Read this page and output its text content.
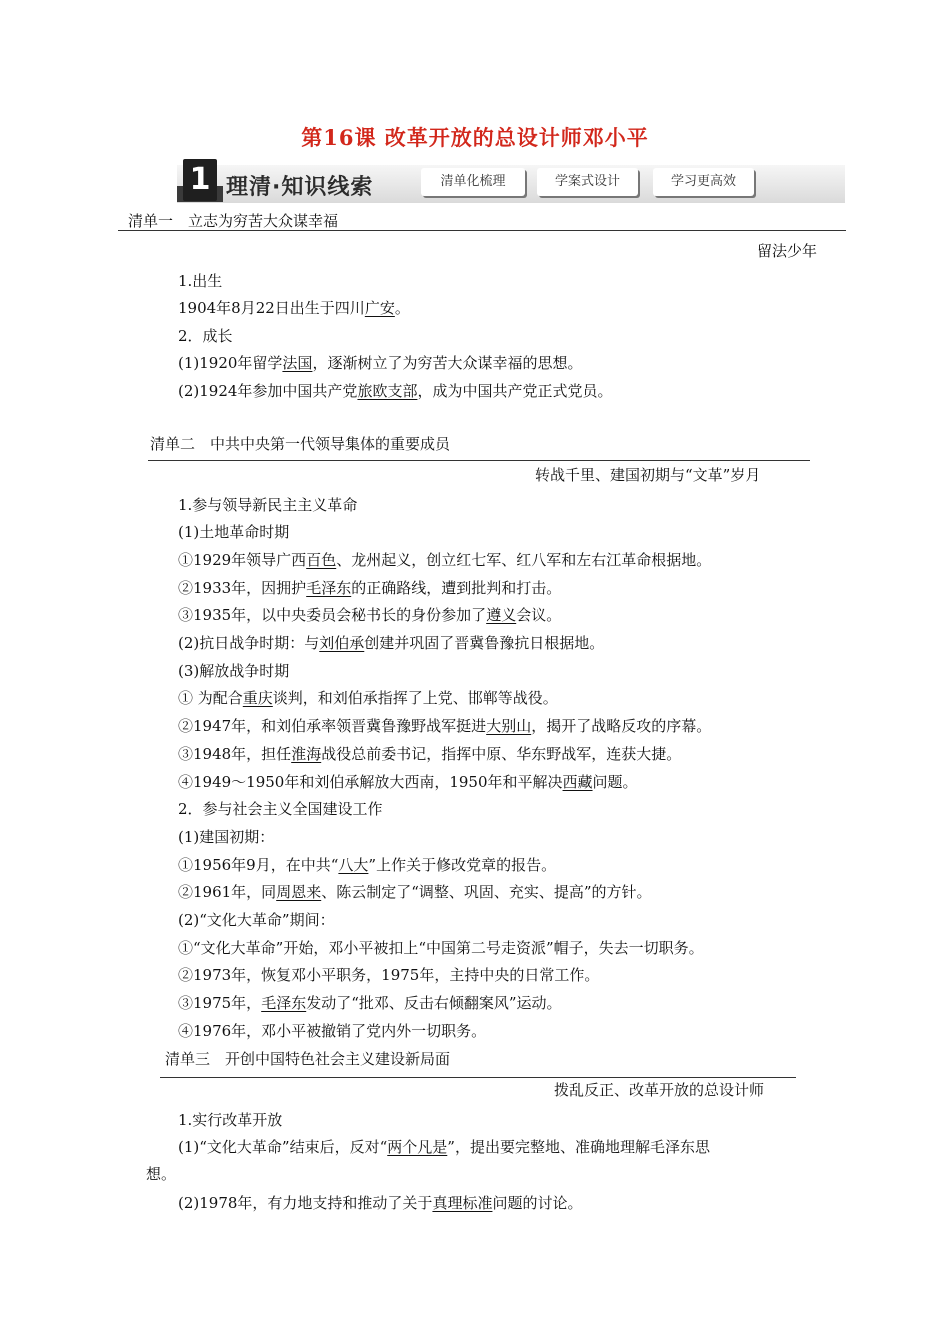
第16课 改革开放的总设计师邓小平
1 理清·知识线索	清单化梳理	学案式设计	学习更高效
清单一　立志为穷苦大众谋幸福
留法少年
1.出生
1904年8月22日出生于四川广安。
2．成长
(1)1920年留学法国，逐渐树立了为穷苦大众谋幸福的思想。
(2)1924年参加中国共产党旅欧支部，成为中国共产党正式党员。
清单二　中共中央第一代领导集体的重要成员
转战千里、建国初期与“文革”岁月
1.参与领导新民主主义革命
(1)土地革命时期
①1929年领导广西百色、龙州起义，创立红七军、红八军和左右江革命根据地。
②1933年，因拥护毛泽东的正确路线，遭到批判和打击。
③1935年，以中央委员会秘书长的身份参加了遵义会议。
(2)抗日战争时期：与刘伯承创建并巩固了晋冀鲁豫抗日根据地。
(3)解放战争时期
① 为配合重庆谈判，和刘伯承指挥了上党、邯郸等战役。
②1947年，和刘伯承率领晋冀鲁豫野战军挺进大别山，揭开了战略反攻的序幕。
③1948年，担任淮海战役总前委书记，指挥中原、华东野战军，连获大捷。
④1949～1950年和刘伯承解放大西南，1950年和平解决西藏问题。
2．参与社会主义全国建设工作
(1)建国初期：
①1956年9月，在中共“八大”上作关于修改党章的报告。
②1961年，同周恩来、陈云制定了“调整、巩固、充实、提高”的方针。
(2)“文化大革命”期间：
①“文化大革命”开始，邓小平被扣上“中国第二号走资派”帽子，失去一切职务。
②1973年，恢复邓小平职务，1975年，主持中央的日常工作。
③1975年，毛泽东发动了“批邓、反击右倾翻案风”运动。
④1976年，邓小平被撤销了党内外一切职务。
清单三　开创中国特色社会主义建设新局面
拨乱反正、改革开放的总设计师
1.实行改革开放
(1)“文化大革命”结束后，反对“两个凡是”，提出要完整地、准确地理解毛泽东思
想。
(2)1978年，有力地支持和推动了关于真理标准问题的讨论。
